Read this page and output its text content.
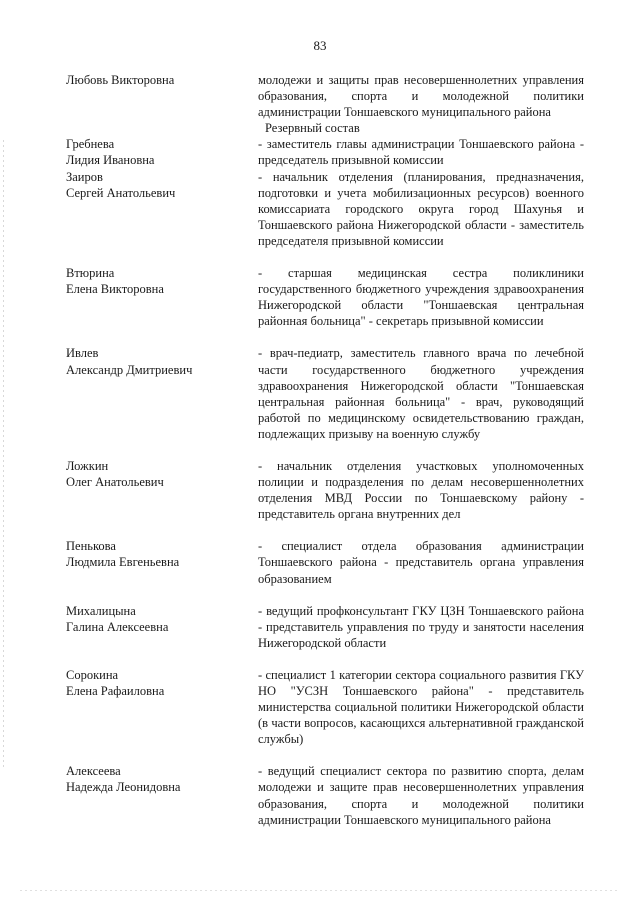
83
Любовь Викторовна	молодежи и защиты прав несовершеннолетних управления образования, спорта и молодежной политики администрации Тоншаевского муниципального района

Резервный состав
Гребнева
Лидия Ивановна

- заместитель главы администрации Тоншаевского района - председатель призывной комиссии

Заиров
Сергей Анатольевич

- начальник отделения (планирования, предназначения, подготовки и учета мобилизационных ресурсов) военного комиссариата городского округа город Шахунья и Тоншаевского района Нижегородской области - заместитель председателя призывной комиссии

Втюрина
Елена Викторовна

- старшая медицинская сестра поликлиники государственного бюджетного учреждения здравоохранения Нижегородской области "Тоншаевская центральная районная больница" - секретарь призывной комиссии

Ивлев
Александр Дмитриевич

- врач-педиатр, заместитель главного врача по лечебной части государственного бюджетного учреждения здравоохранения Нижегородской области "Тоншаевская центральная районная больница" - врач, руководящий работой по медицинскому освидетельствованию граждан, подлежащих призыву на военную службу

Ложкин
Олег Анатольевич

- начальник отделения участковых уполномоченных полиции и подразделения по делам несовершеннолетних отделения МВД России по Тоншаевскому району - представитель органа внутренних дел

Пенькова
Людмила Евгеньевна

- специалист отдела образования администрации Тоншаевского района - представитель органа управления образованием

Михалицына
Галина Алексеевна

- ведущий профконсультант ГКУ ЦЗН Тоншаевского района - представитель управления по труду и занятости населения Нижегородской области

Сорокина
Елена Рафаиловна

- специалист 1 категории сектора социального развития ГКУ НО "УСЗН Тоншаевского района" - представитель министерства социальной политики Нижегородской области (в части вопросов, касающихся альтернативной гражданской службы)

Алексеева
Надежда Леонидовна

- ведущий специалист сектора по развитию спорта, делам молодежи и защите прав несовершеннолетних управления образования, спорта и молодежной политики администрации Тоншаевского муниципального района
